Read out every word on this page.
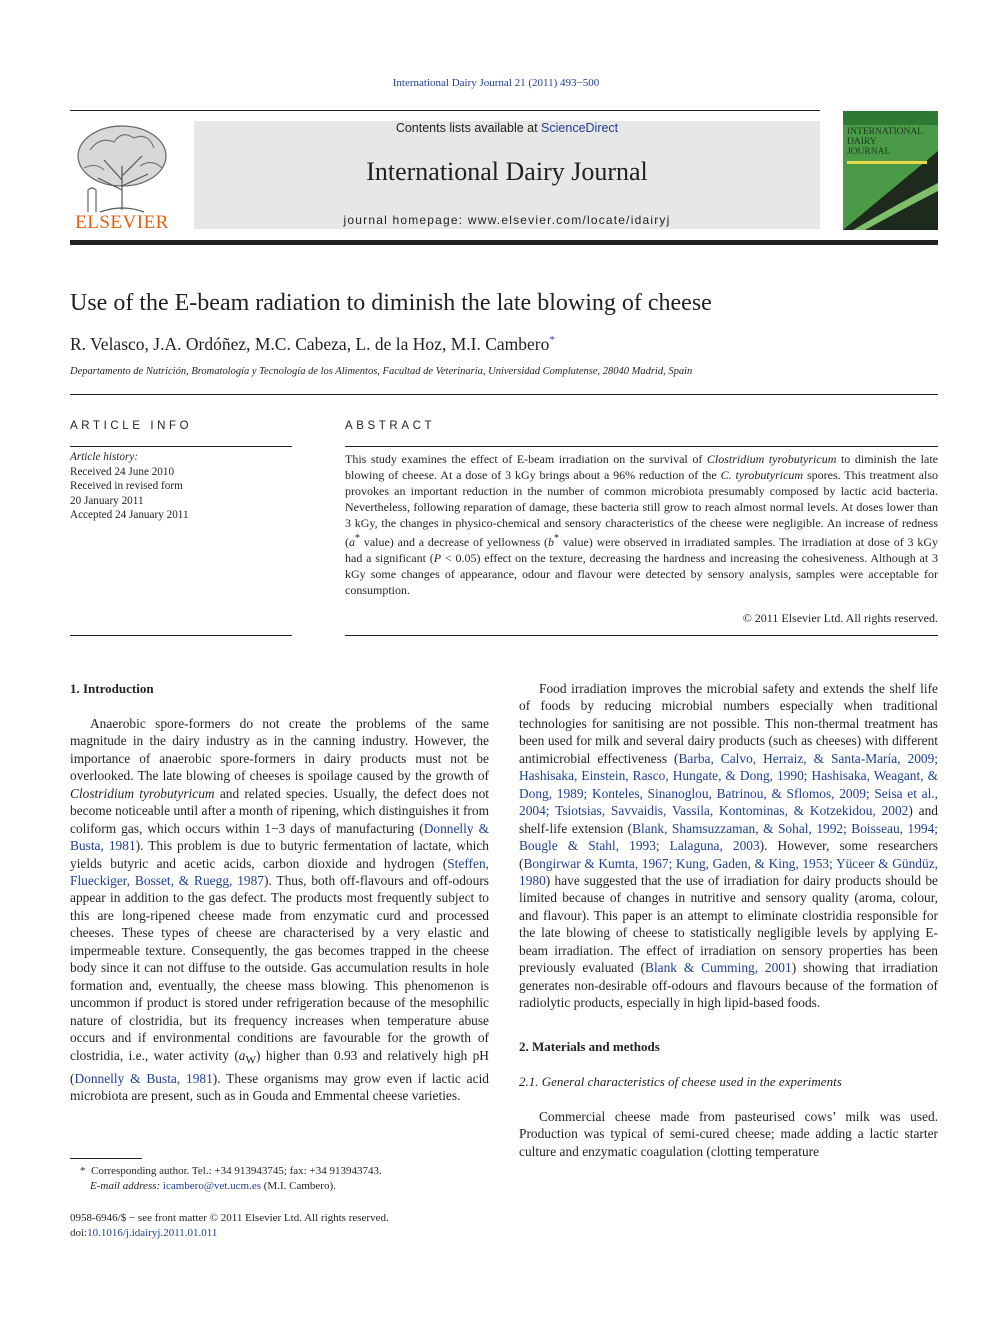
International Dairy Journal 21 (2011) 493−500
ELSEVIER
Contents lists available at ScienceDirect
International Dairy Journal
journal homepage: www.elsevier.com/locate/idairyj
INTERNATIONAL
DAIRY
JOURNAL
Use of the E-beam radiation to diminish the late blowing of cheese
R. Velasco, J.A. Ordóñez, M.C. Cabeza, L. de la Hoz, M.I. Cambero*
Departamento de Nutrición, Bromatología y Tecnología de los Alimentos, Facultad de Veterinaria, Universidad Complutense, 28040 Madrid, Spain
ARTICLE INFO
Article history:
Received 24 June 2010
Received in revised form
20 January 2011
Accepted 24 January 2011
ABSTRACT
This study examines the effect of E-beam irradiation on the survival of Clostridium tyrobutyricum to diminish the late blowing of cheese. At a dose of 3 kGy brings about a 96% reduction of the C. tyrobutyricum spores. This treatment also provokes an important reduction in the number of common microbiota presumably composed by lactic acid bacteria. Nevertheless, following reparation of damage, these bacteria still grow to reach almost normal levels. At doses lower than 3 kGy, the changes in physico-chemical and sensory characteristics of the cheese were negligible. An increase of redness (a* value) and a decrease of yellowness (b* value) were observed in irradiated samples. The irradiation at dose of 3 kGy had a significant (P < 0.05) effect on the texture, decreasing the hardness and increasing the cohesiveness. Although at 3 kGy some changes of appearance, odour and flavour were detected by sensory analysis, samples were acceptable for consumption.
© 2011 Elsevier Ltd. All rights reserved.
1. Introduction

Anaerobic spore-formers do not create the problems of the same magnitude in the dairy industry as in the canning industry. However, the importance of anaerobic spore-formers in dairy products must not be overlooked. The late blowing of cheeses is spoilage caused by the growth of Clostridium tyrobutyricum and related species. Usually, the defect does not become noticeable until after a month of ripening, which distinguishes it from coliform gas, which occurs within 1−3 days of manufacturing (Donnelly & Busta, 1981). This problem is due to butyric fermentation of lactate, which yields butyric and acetic acids, carbon dioxide and hydrogen (Steffen, Flueckiger, Bosset, & Ruegg, 1987). Thus, both off-flavours and off-odours appear in addition to the gas defect. The products most frequently subject to this are long-ripened cheese made from enzymatic curd and processed cheeses. These types of cheese are characterised by a very elastic and impermeable texture. Consequently, the gas becomes trapped in the cheese body since it can not diffuse to the outside. Gas accumulation results in hole formation and, eventually, the cheese mass blowing. This phenomenon is uncommon if product is stored under refrigeration because of the mesophilic nature of clostridia, but its frequency increases when temperature abuse occurs and if environmental conditions are favourable for the growth of clostridia, i.e., water activity $(a_W)$ higher than 0.93 and relatively high pH (Donnelly & Busta, 1981). These organisms may grow even if lactic acid microbiota are present, such as in Gouda and Emmental cheese varieties.

Food irradiation improves the microbial safety and extends the shelf life of foods by reducing microbial numbers especially when traditional technologies for sanitising are not possible. This non-thermal treatment has been used for milk and several dairy products (such as cheeses) with different antimicrobial effectiveness (Barba, Calvo, Herraiz, & Santa-María, 2009; Hashisaka, Einstein, Rasco, Hungate, & Dong, 1990; Hashisaka, Weagant, & Dong, 1989; Konteles, Sinanoglou, Batrinou, & Sflomos, 2009; Seisa et al., 2004; Tsiotsias, Savvaidis, Vassila, Kontominas, & Kotzekidou, 2002) and shelf-life extension (Blank, Shamsuzzaman, & Sohal, 1992; Boisseau, 1994; Bougle & Stahl, 1993; Lalaguna, 2003). However, some researchers (Bongirwar & Kumta, 1967; Kung, Gaden, & King, 1953; Yüceer & Gündüz, 1980) have suggested that the use of irradiation for dairy products should be limited because of changes in nutritive and sensory quality (aroma, colour, and flavour). This paper is an attempt to eliminate clostridia responsible for the late blowing of cheese to statistically negligible levels by applying E-beam irradiation. The effect of irradiation on sensory properties has been previously evaluated (Blank & Cumming, 2001) showing that irradiation generates non-desirable off-odours and flavours because of the formation of radiolytic products, especially in high lipid-based foods.

2. Materials and methods
2.1. General characteristics of cheese used in the experiments

Commercial cheese made from pasteurised cows’ milk was used. Production was typical of semi-cured cheese; made adding a lactic starter culture and enzymatic coagulation (clotting temperature

*  Corresponding author. Tel.: +34 913943745; fax: +34 913943743.
E-mail address: icambero@vet.ucm.es (M.I. Cambero).
0958-6946/$ − see front matter © 2011 Elsevier Ltd. All rights reserved.
doi:10.1016/j.idairyj.2011.01.011
